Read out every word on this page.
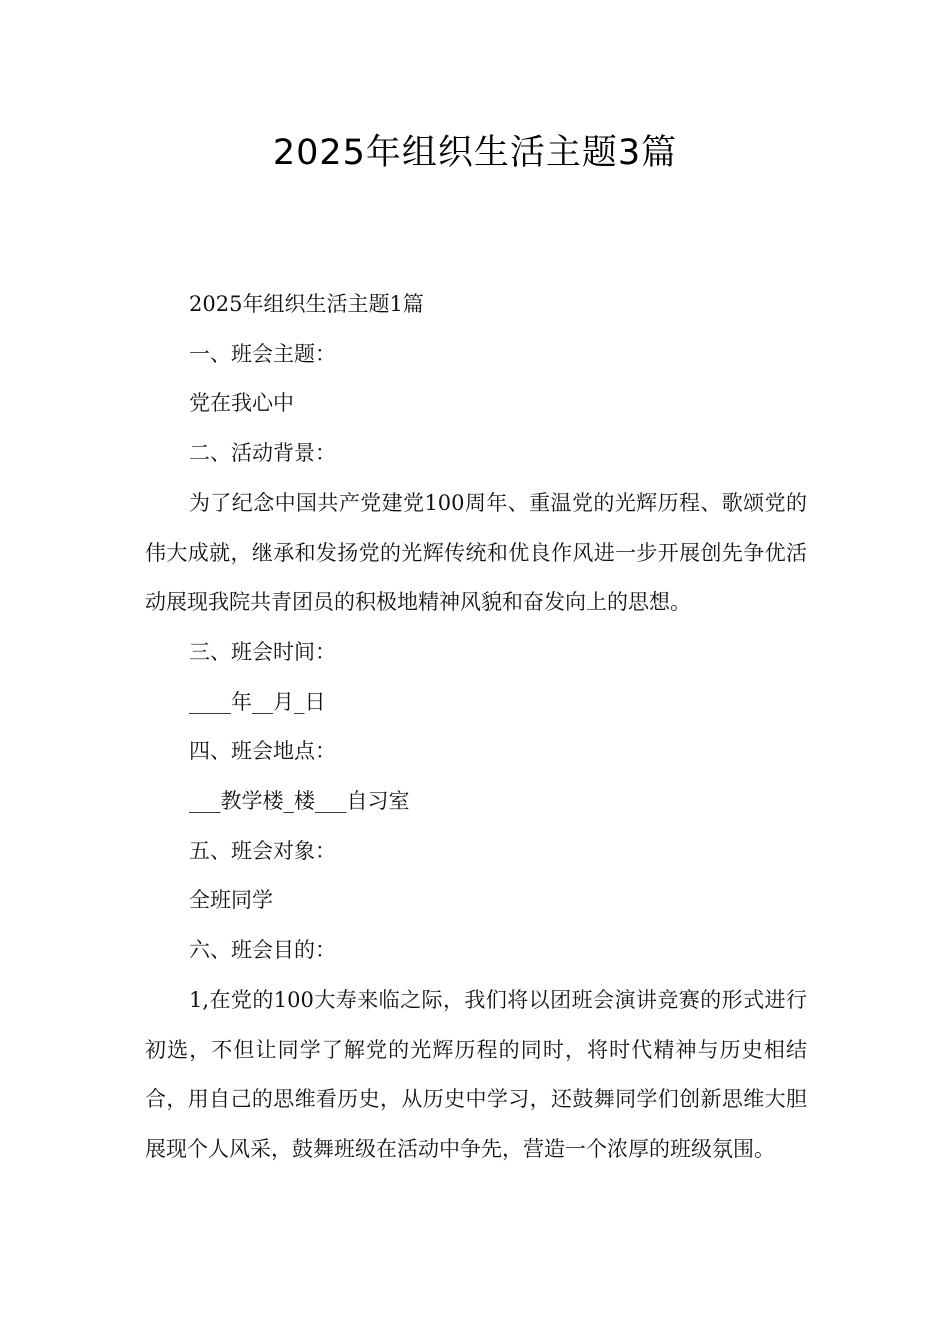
2025年组织生活主题3篇

2025年组织生活主题1篇

一、班会主题：

党在我心中

二、活动背景：

为了纪念中国共产党建党100周年、重温党的光辉历程、歌颂党的伟大成就，继承和发扬党的光辉传统和优良作风进一步开展创先争优活动展现我院共青团员的积极地精神风貌和奋发向上的思想。

三、班会时间：

____年__月_日

四、班会地点：

___教学楼_楼___自习室

五、班会对象：

全班同学

六、班会目的：

1,在党的100大寿来临之际，我们将以团班会演讲竞赛的形式进行初选，不但让同学了解党的光辉历程的同时，将时代精神与历史相结合，用自己的思维看历史，从历史中学习，还鼓舞同学们创新思维大胆展现个人风采，鼓舞班级在活动中争先，营造一个浓厚的班级氛围。
